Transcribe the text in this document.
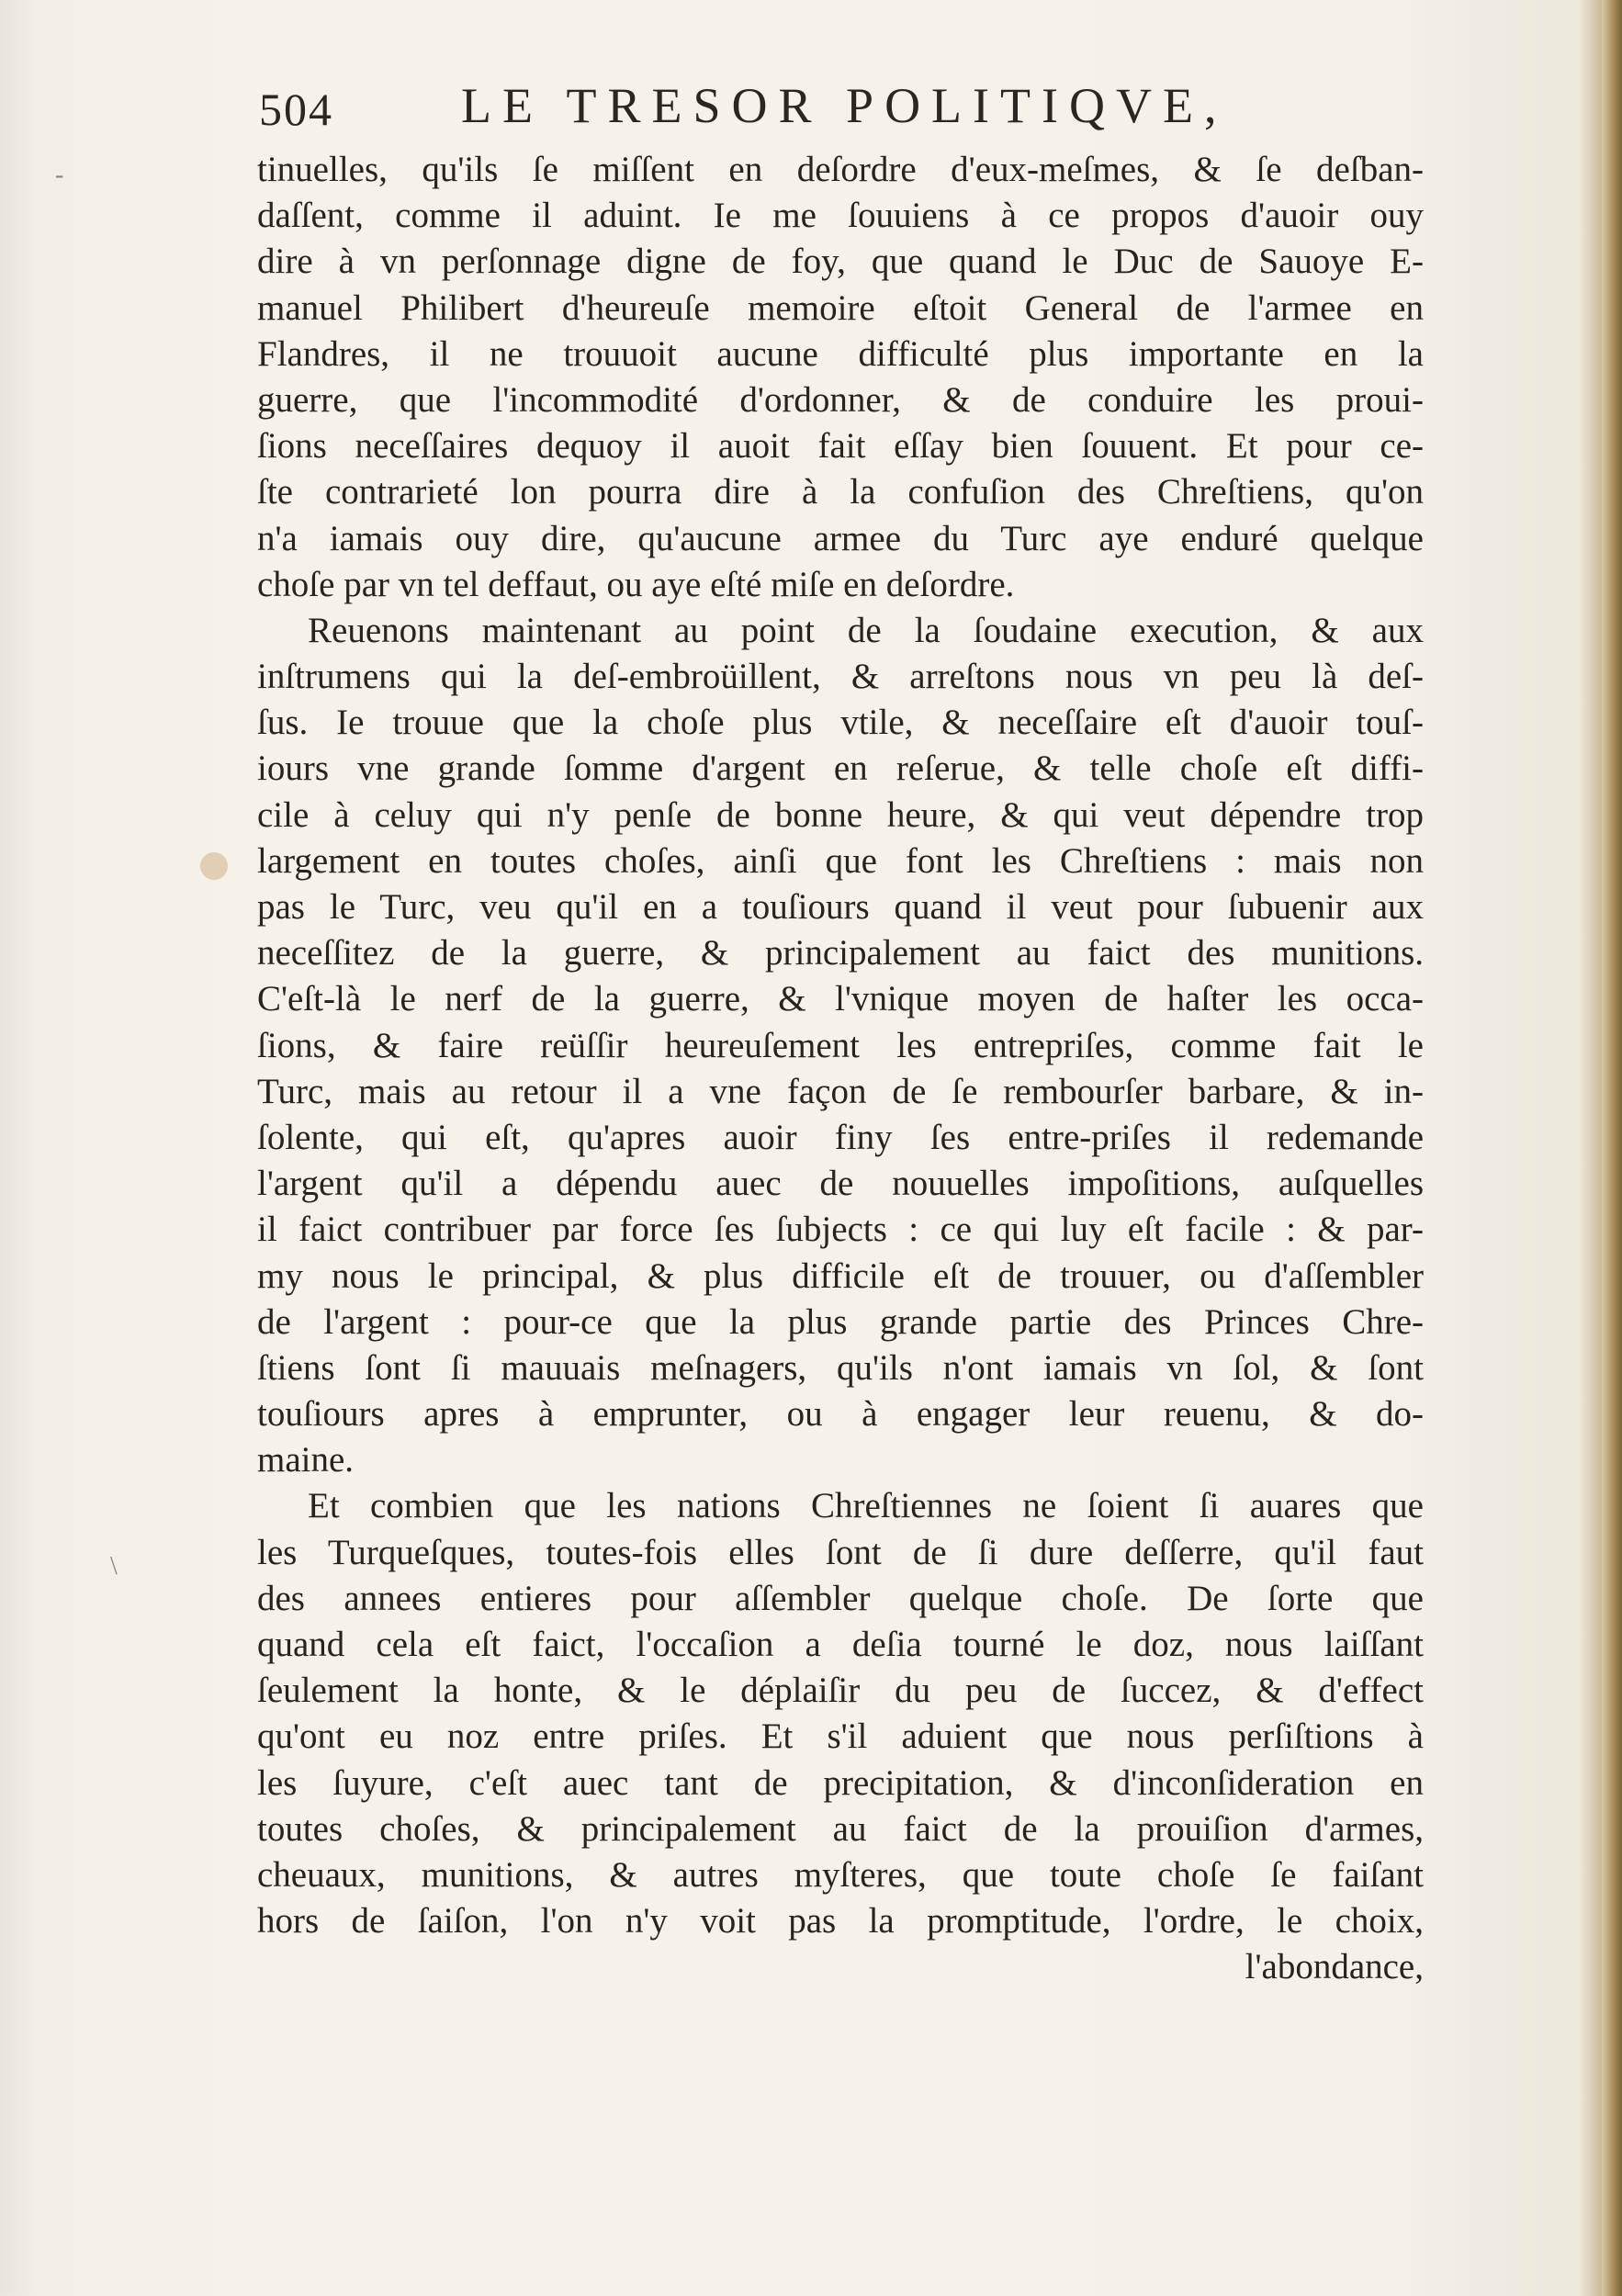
-
\
504	LE TRESOR POLITIQVE,
tinuelles, qu'ils ſe miſſent en deſordre d'eux-meſmes, & ſe deſban-
daſſent, comme il aduint. Ie me ſouuiens à ce propos d'auoir ouy
dire à vn perſonnage digne de foy, que quand le Duc de Sauoye E-
manuel Philibert d'heureuſe memoire eſtoit General de l'armee en
Flandres, il ne trouuoit aucune difficulté plus importante en la
guerre, que l'incommodité d'ordonner, & de conduire les proui-
ſions neceſſaires dequoy il auoit fait eſſay bien ſouuent. Et pour ce-
ſte contrarieté lon pourra dire à la confuſion des Chreſtiens, qu'on
n'a iamais ouy dire, qu'aucune armee du Turc aye enduré quelque
choſe par vn tel deffaut, ou aye eſté miſe en deſordre.
Reuenons maintenant au point de la ſoudaine execution, & aux
inſtrumens qui la deſ-embroüillent, & arreſtons nous vn peu là deſ-
ſus. Ie trouue que la choſe plus vtile, & neceſſaire eſt d'auoir touſ-
iours vne grande ſomme d'argent en reſerue, & telle choſe eſt diffi-
cile à celuy qui n'y penſe de bonne heure, & qui veut dépendre trop
largement en toutes choſes, ainſi que font les Chreſtiens : mais non
pas le Turc, veu qu'il en a touſiours quand il veut pour ſubuenir aux
neceſſitez de la guerre, & principalement au faict des munitions.
C'eſt-là le nerf de la guerre, & l'vnique moyen de haſter les occa-
ſions, & faire reüſſir heureuſement les entrepriſes, comme fait le
Turc, mais au retour il a vne façon de ſe rembourſer barbare, & in-
ſolente, qui eſt, qu'apres auoir finy ſes entre-priſes il redemande
l'argent qu'il a dépendu auec de nouuelles impoſitions, auſquelles
il faict contribuer par force ſes ſubjects : ce qui luy eſt facile : & par-
my nous le principal, & plus difficile eſt de trouuer, ou d'aſſembler
de l'argent : pour-ce que la plus grande partie des Princes Chre-
ſtiens ſont ſi mauuais meſnagers, qu'ils n'ont iamais vn ſol, & ſont
touſiours apres à emprunter, ou à engager leur reuenu, & do-
maine.
Et combien que les nations Chreſtiennes ne ſoient ſi auares que
les Turqueſques, toutes-fois elles ſont de ſi dure deſſerre, qu'il faut
des annees entieres pour aſſembler quelque choſe. De ſorte que
quand cela eſt faict, l'occaſion a deſia tourné le doz, nous laiſſant
ſeulement la honte, & le déplaiſir du peu de ſuccez, & d'effect
qu'ont eu noz entre priſes. Et s'il aduient que nous perſiſtions à
les ſuyure, c'eſt auec tant de precipitation, & d'inconſideration en
toutes choſes, & principalement au faict de la prouiſion d'armes,
cheuaux, munitions, & autres myſteres, que toute choſe ſe faiſant
hors de ſaiſon, l'on n'y voit pas la promptitude, l'ordre, le choix,
l'abondance,
